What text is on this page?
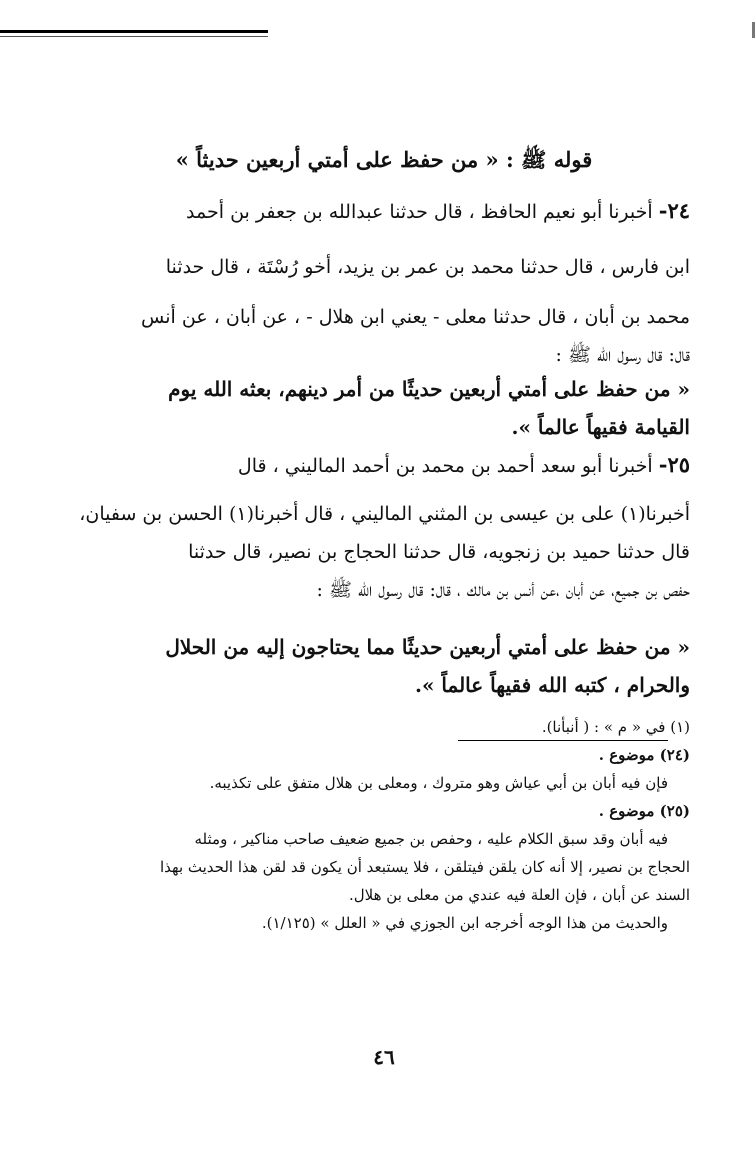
قوله ﷺ : « من حفظ على أمتي أربعين حديثاً »

٢٤- أخبرنا أبو نعيم الحافظ ، قال حدثنا عبدالله بن جعفر بن أحمد

ابن فارس ، قال حدثنا محمد بن عمر بن يزيد، أخو رُسْتَة ، قال حدثنا

محمد بن أبان ، قال حدثنا معلى - يعني ابن هلال - ، عن أبان ، عن أنس

قال: قال رسول الله ﷺ :

« من حفظ على أمتي أربعين حديثًا من أمر دينهم، بعثه الله يوم

القيامة فقيهاً عالماً ».

٢٥- أخبرنا أبو سعد أحمد بن محمد بن أحمد الماليني ، قال

أخبرنا(١) على بن عيسى بن المثني الماليني ، قال أخبرنا(١) الحسن بن سفيان،

قال حدثنا حميد بن زنجويه، قال حدثنا الحجاج بن نصير، قال حدثنا

حفص بن جميع، عن أبان ،عن أنس بن مالك ، قال: قال رسول الله ﷺ :

« من حفظ على أمتي أربعين حديثًا مما يحتاجون إليه من الحلال

والحرام ، كتبه الله فقيهاً عالماً ».

(١) في « م » : ( أنبأنا).

(٢٤) موضوع .

فإن فيه أبان بن أبي عياش وهو متروك ، ومعلى بن هلال متفق على تكذيبه.

(٢٥) موضوع .

فيه أبان وقد سبق الكلام عليه ، وحفص بن جميع ضعيف صاحب مناكير ، ومثله

الحجاج بن نصير، إلا أنه كان يلقن فيتلقن ، فلا يستبعد أن يكون قد لقن هذا الحديث بهذا

السند عن أبان ، فإن العلة فيه عندي من معلى بن هلال.

والحديث من هذا الوجه أخرجه ابن الجوزي في « العلل » (١/١٢٥).

٤٦
